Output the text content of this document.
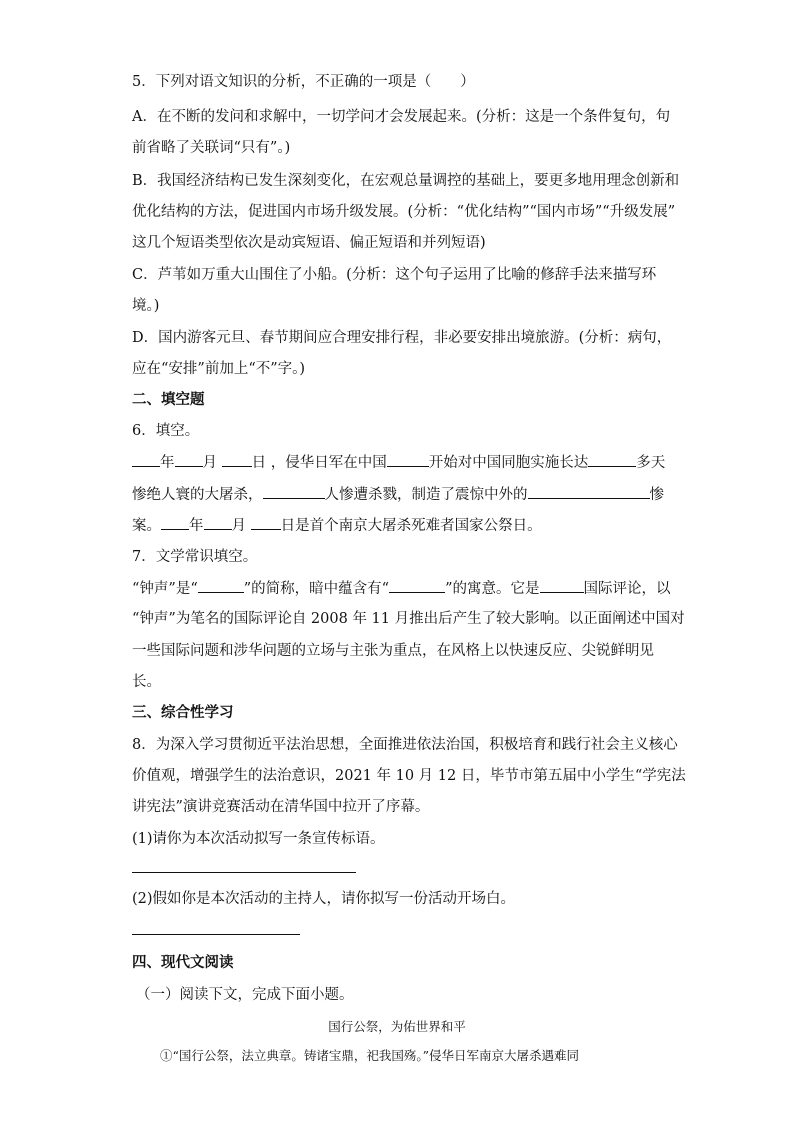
5．下列对语文知识的分析，不正确的一项是（　　）
A．在不断的发问和求解中，一切学问才会发展起来。(分析：这是一个条件复句，句
前省略了关联词“只有”。)
B．我国经济结构已发生深刻变化，在宏观总量调控的基础上，要更多地用理念创新和
优化结构的方法，促进国内市场升级发展。(分析：“优化结构”“国内市场”“升级发展”
这几个短语类型依次是动宾短语、偏正短语和并列短语)
C．芦苇如万重大山围住了小船。(分析：这个句子运用了比喻的修辞手法来描写环
境。)
D．国内游客元旦、春节期间应合理安排行程，非必要安排出境旅游。(分析：病句，
应在“安排”前加上“不”字。)
二、填空题
6．填空。
年 月 日 ，侵华日军在中国	开始对中国同胞实施长达	多天
惨绝人寰的大屠杀，	人惨遭杀戮，制造了震惊中外的	惨
案。 年 月 日是首个南京大屠杀死难者国家公祭日。
7．文学常识填空。
“钟声”是“	”的简称，暗中蕴含有“	”的寓意。它是	国际评论，以
“钟声”为笔名的国际评论自 2008 年 11 月推出后产生了较大影响。以正面阐述中国对
一些国际问题和涉华问题的立场与主张为重点，在风格上以快速反应、尖锐鲜明见
长。
三、综合性学习
8．为深入学习贯彻近平法治思想，全面推进依法治国，积极培育和践行社会主义核心
价值观，增强学生的法治意识，2021 年 10 月 12 日，毕节市第五届中小学生“学宪法
讲宪法”演讲竞赛活动在清华国中拉开了序幕。
(1)请你为本次活动拟写一条宣传标语。
(2)假如你是本次活动的主持人，请你拟写一份活动开场白。
四、现代文阅读
（一）阅读下文，完成下面小题。
国行公祭，为佑世界和平
①“国行公祭，法立典章。铸诸宝鼎，祀我国殇。”侵华日军南京大屠杀遇难同
